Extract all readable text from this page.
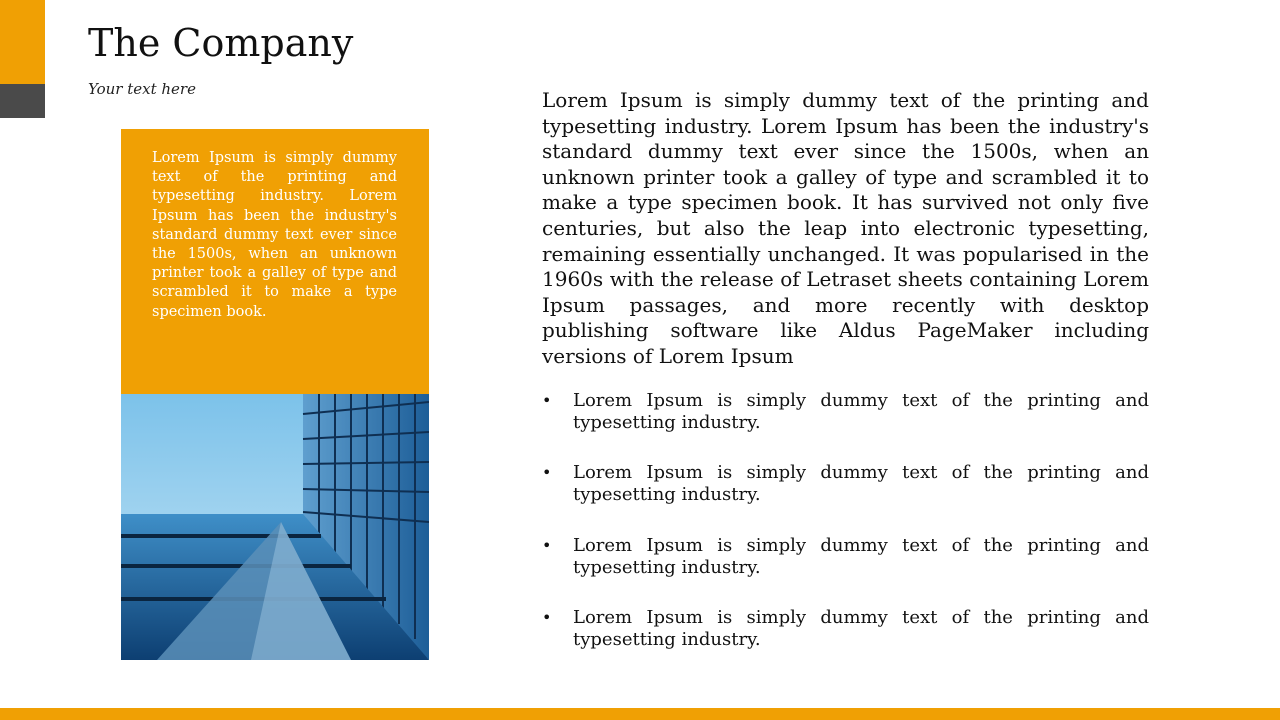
The Company

Your text here

Lorem Ipsum is simply dummy text of the printing and typesetting industry. Lorem Ipsum has been the industry's standard dummy text ever since the 1500s, when an unknown printer took a galley of type and scrambled it to make a type specimen book.

Lorem Ipsum is simply dummy text of the printing and typesetting industry. Lorem Ipsum has been the industry's standard dummy text ever since the 1500s, when an unknown printer took a galley of type and scrambled it to make a type specimen book. It has survived not only five centuries, but also the leap into electronic typesetting, remaining essentially unchanged. It was popularised in the 1960s with the release of Letraset sheets containing Lorem Ipsum passages, and more recently with desktop publishing software like Aldus PageMaker including versions of Lorem Ipsum

• Lorem Ipsum is simply dummy text of the printing and typesetting industry.
• Lorem Ipsum is simply dummy text of the printing and typesetting industry.
• Lorem Ipsum is simply dummy text of the printing and typesetting industry.
• Lorem Ipsum is simply dummy text of the printing and typesetting industry.
